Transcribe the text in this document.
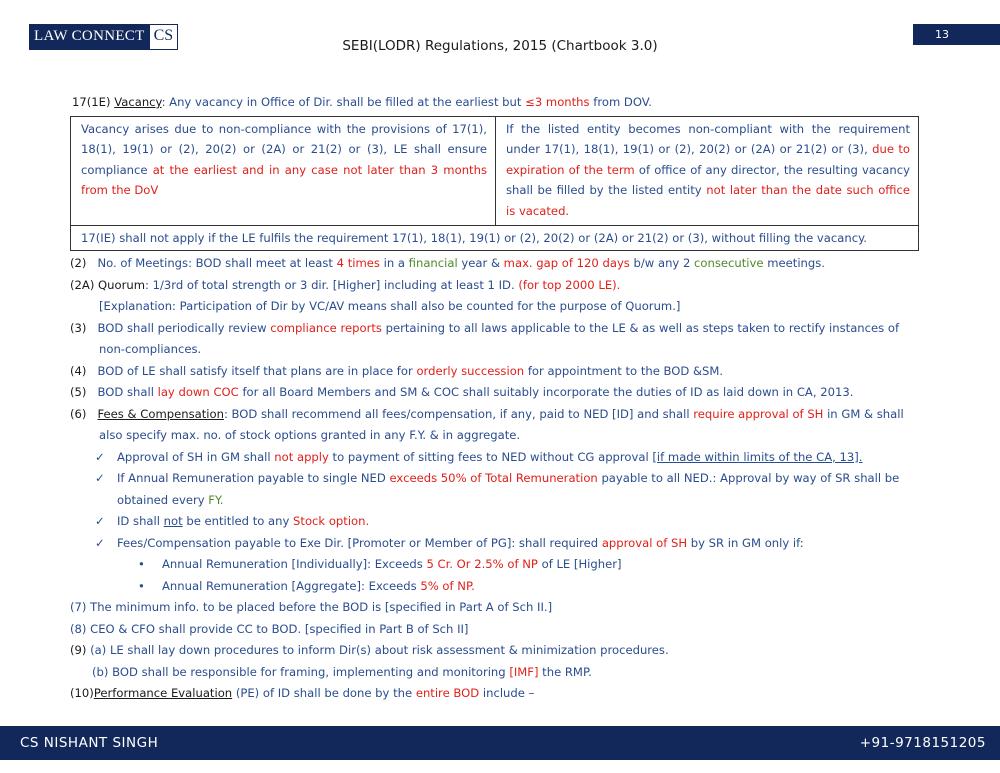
LAW CONNECT CS
SEBI(LODR) Regulations, 2015 (Chartbook 3.0)
13
17(1E) Vacancy: Any vacancy in Office of Dir. shall be filled at the earliest but ≤3 months from DOV.
Vacancy arises due to non-compliance with the provisions of 17(1), 18(1), 19(1) or (2), 20(2) or (2A) or 21(2) or (3), LE shall ensure compliance at the earliest and in any case not later than 3 months from the DoV
If the listed entity becomes non-compliant with the requirement under 17(1), 18(1), 19(1) or (2), 20(2) or (2A) or 21(2) or (3), due to expiration of the term of office of any director, the resulting vacancy shall be filled by the listed entity not later than the date such office is vacated.
17(IE) shall not apply if the LE fulfils the requirement 17(1), 18(1), 19(1) or (2), 20(2) or (2A) or 21(2) or (3), without filling the vacancy.
(2) No. of Meetings: BOD shall meet at least 4 times in a financial year & max. gap of 120 days b/w any 2 consecutive meetings.
(2A) Quorum: 1/3rd of total strength or 3 dir. [Higher] including at least 1 ID. (for top 2000 LE).
[Explanation: Participation of Dir by VC/AV means shall also be counted for the purpose of Quorum.]
(3) BOD shall periodically review compliance reports pertaining to all laws applicable to the LE & as well as steps taken to rectify instances of
non-compliances.
(4) BOD of LE shall satisfy itself that plans are in place for orderly succession for appointment to the BOD &SM.
(5) BOD shall lay down COC for all Board Members and SM & COC shall suitably incorporate the duties of ID as laid down in CA, 2013.
(6) Fees & Compensation: BOD shall recommend all fees/compensation, if any, paid to NED [ID] and shall require approval of SH in GM & shall
also specify max. no. of stock options granted in any F.Y. & in aggregate.
✓ Approval of SH in GM shall not apply to payment of sitting fees to NED without CG approval [if made within limits of the CA, 13].
✓ If Annual Remuneration payable to single NED exceeds 50% of Total Remuneration payable to all NED.: Approval by way of SR shall be
obtained every FY.
✓ ID shall not be entitled to any Stock option.
✓ Fees/Compensation payable to Exe Dir. [Promoter or Member of PG]: shall required approval of SH by SR in GM only if:
• Annual Remuneration [Individually]: Exceeds 5 Cr. Or 2.5% of NP of LE [Higher]
• Annual Remuneration [Aggregate]: Exceeds 5% of NP.
(7) The minimum info. to be placed before the BOD is [specified in Part A of Sch II.]
(8) CEO & CFO shall provide CC to BOD. [specified in Part B of Sch II]
(9) (a) LE shall lay down procedures to inform Dir(s) about risk assessment & minimization procedures.
(b) BOD shall be responsible for framing, implementing and monitoring [IMF] the RMP.
(10)Performance Evaluation (PE) of ID shall be done by the entire BOD include –
CS NISHANT SINGH	+91-9718151205
